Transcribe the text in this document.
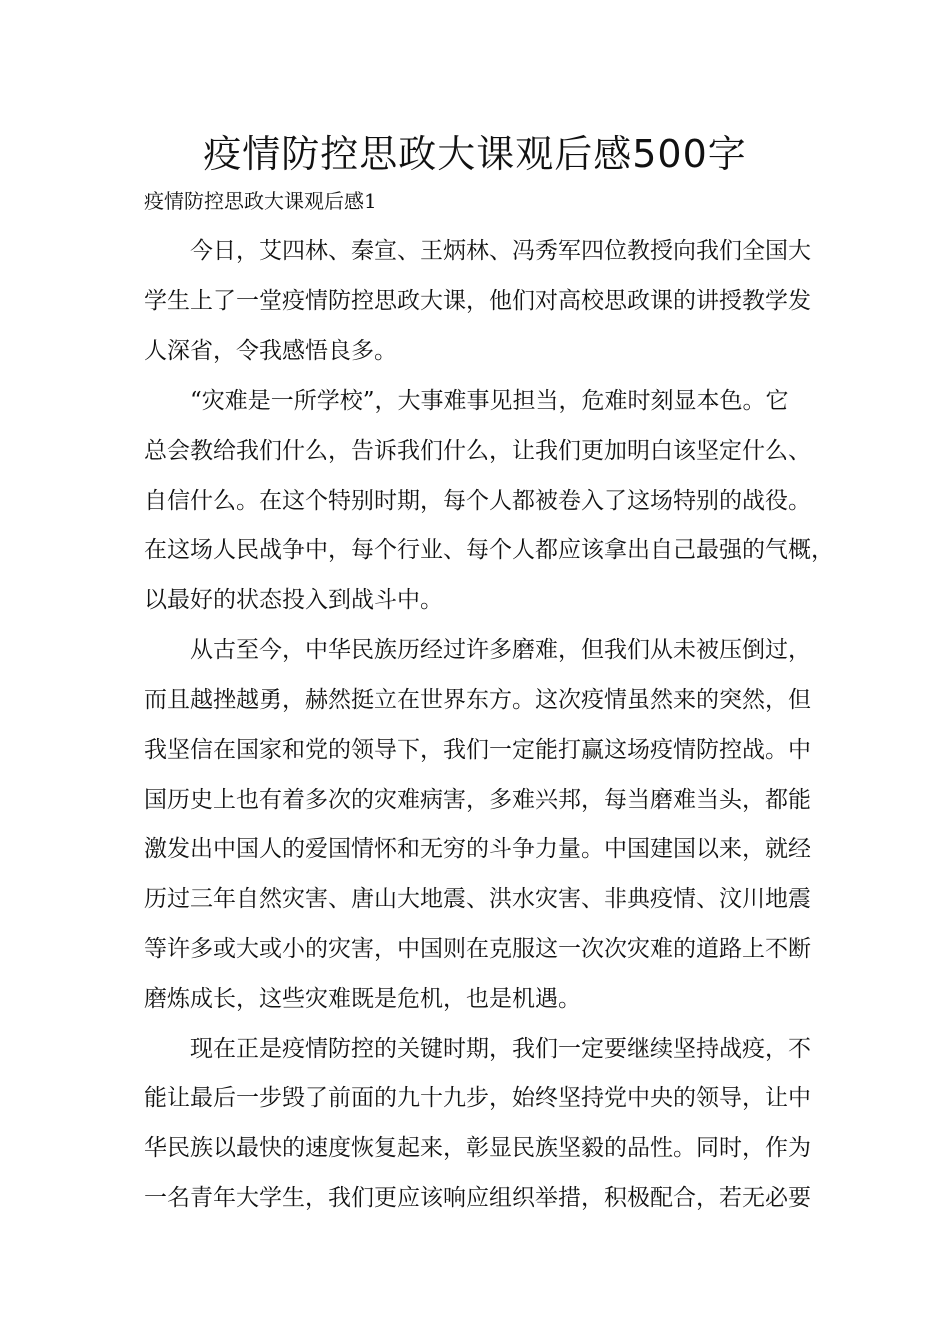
疫情防控思政大课观后感500字

疫情防控思政大课观后感1

今日，艾四林、秦宣、王炳林、冯秀军四位教授向我们全国大

学生上了一堂疫情防控思政大课，他们对高校思政课的讲授教学发

人深省，令我感悟良多。

“灾难是一所学校”，大事难事见担当，危难时刻显本色。它

总会教给我们什么，告诉我们什么，让我们更加明白该坚定什么、

自信什么。在这个特别时期，每个人都被卷入了这场特别的战役。

在这场人民战争中，每个行业、每个人都应该拿出自己最强的气概，

以最好的状态投入到战斗中。

从古至今，中华民族历经过许多磨难，但我们从未被压倒过，

而且越挫越勇，赫然挺立在世界东方。这次疫情虽然来的突然，但

我坚信在国家和党的领导下，我们一定能打赢这场疫情防控战。中

国历史上也有着多次的灾难病害，多难兴邦，每当磨难当头，都能

激发出中国人的爱国情怀和无穷的斗争力量。中国建国以来，就经

历过三年自然灾害、唐山大地震、洪水灾害、非典疫情、汶川地震

等许多或大或小的灾害，中国则在克服这一次次灾难的道路上不断

磨炼成长，这些灾难既是危机，也是机遇。

现在正是疫情防控的关键时期，我们一定要继续坚持战疫，不

能让最后一步毁了前面的九十九步，始终坚持党中央的领导，让中

华民族以最快的速度恢复起来，彰显民族坚毅的品性。同时，作为

一名青年大学生，我们更应该响应组织举措，积极配合，若无必要
